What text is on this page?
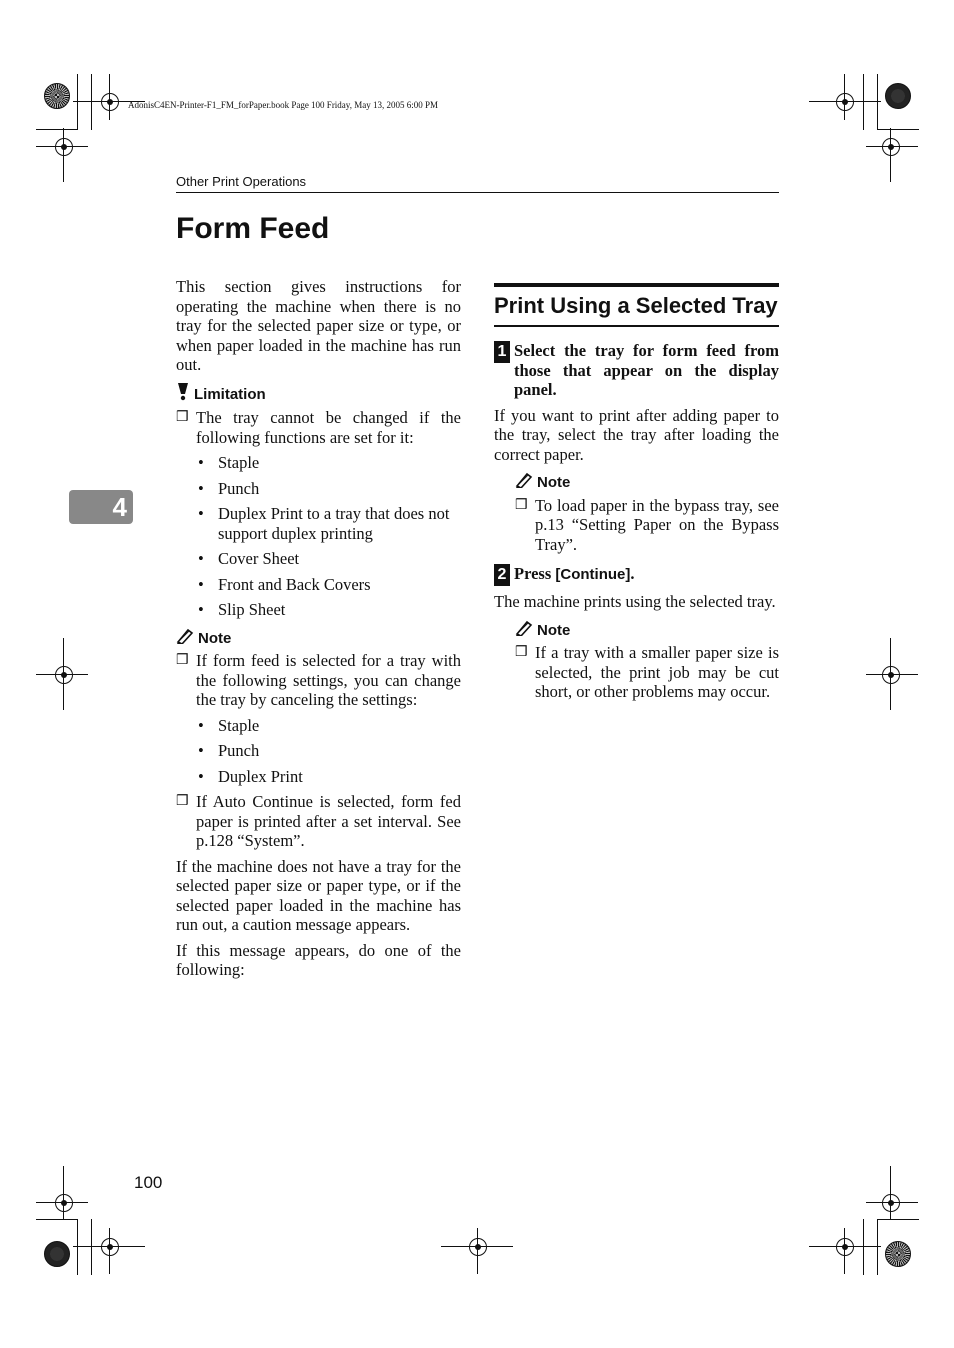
AdonisC4EN-Printer-F1_FM_forPaper.book Page 100 Friday, May 13, 2005 6:00 PM
Other Print Operations
Form Feed
4

This section gives instructions for operating the machine when there is no tray for the selected paper size or type, or when paper loaded in the machine has run out.

Limitation
❒ The tray cannot be changed if the following functions are set for it:
• Staple
• Punch
• Duplex Print to a tray that does not support duplex printing
• Cover Sheet
• Front and Back Covers
• Slip Sheet
Note
❒ If form feed is selected for a tray with the following settings, you can change the tray by canceling the settings:
• Staple
• Punch
• Duplex Print
❒ If Auto Continue is selected, form fed paper is printed after a set interval. See p.128 “System”.

If the machine does not have a tray for the selected paper size or paper type, or if the selected paper loaded in the machine has run out, a caution message appears.

If this message appears, do one of the following:

Print Using a Selected Tray
1 Select the tray for form feed from those that appear on the display panel.

If you want to print after adding paper to the tray, select the tray after loading the correct paper.

Note
❒ To load paper in the bypass tray, see p.13 “Setting Paper on the Bypass Tray”.
2 Press [Continue].

The machine prints using the selected tray.

Note
❒ If a tray with a smaller paper size is selected, the print job may be cut short, or other problems may occur.
100
